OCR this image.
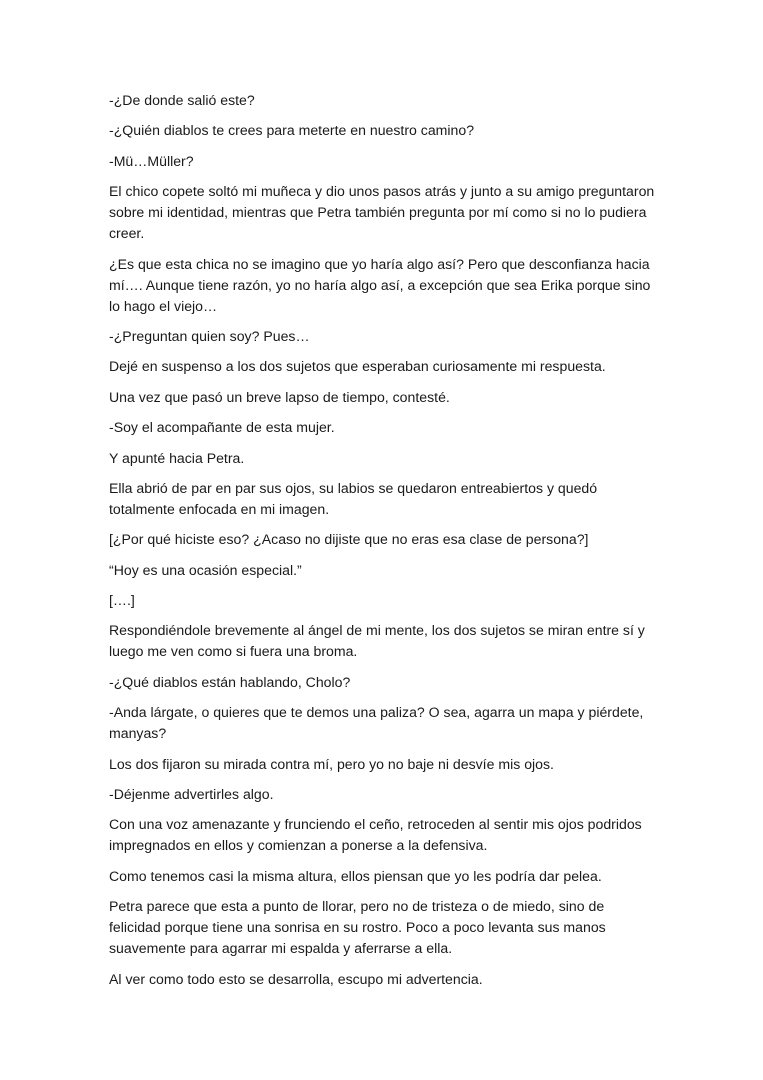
-¿De donde salió este?

-¿Quién diablos te crees para meterte en nuestro camino?

-Mü…Müller?

El chico copete soltó mi muñeca y dio unos pasos atrás y junto a su amigo preguntaron sobre mi identidad, mientras que Petra también pregunta por mí como si no lo pudiera creer.

¿Es que esta chica no se imagino que yo haría algo así? Pero que desconfianza hacia mí…. Aunque tiene razón, yo no haría algo así, a excepción que sea Erika porque sino lo hago el viejo…

-¿Preguntan quien soy? Pues…

Dejé en suspenso a los dos sujetos que esperaban curiosamente mi respuesta.

Una vez que pasó un breve lapso de tiempo, contesté.

-Soy el acompañante de esta mujer.

Y apunté hacia Petra.

Ella abrió de par en par sus ojos, su labios se quedaron entreabiertos y quedó totalmente enfocada en mi imagen.

[¿Por qué hiciste eso? ¿Acaso no dijiste que no eras esa clase de persona?]

“Hoy es una ocasión especial.”

[….]

Respondiéndole brevemente al ángel de mi mente, los dos sujetos se miran entre sí y luego me ven como si fuera una broma.

-¿Qué diablos están hablando, Cholo?

-Anda lárgate, o quieres que te demos una paliza? O sea, agarra un mapa y piérdete, manyas?

Los dos fijaron su mirada contra mí, pero yo no baje ni desvíe mis ojos.

-Déjenme advertirles algo.

Con una voz amenazante y frunciendo el ceño, retroceden al sentir mis ojos podridos impregnados en ellos y comienzan a ponerse a la defensiva.

Como tenemos casi la misma altura, ellos piensan que yo les podría dar pelea.

Petra parece que esta a punto de llorar, pero no de tristeza o de miedo, sino de felicidad porque tiene una sonrisa en su rostro. Poco a poco levanta sus manos suavemente para agarrar mi espalda y aferrarse a ella.

Al ver como todo esto se desarrolla, escupo mi advertencia.
